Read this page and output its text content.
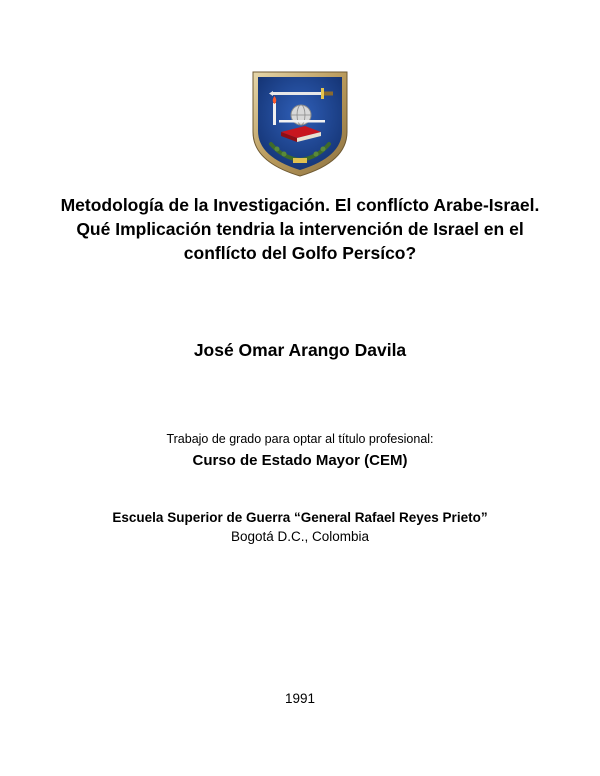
Metodología de la Investigación. El conflícto Arabe-Israel. Qué Implicación tendria la intervención de Israel en el conflícto del Golfo Persíco?
José Omar Arango Davila
Trabajo de grado para optar al título profesional:
Curso de Estado Mayor (CEM)
Escuela Superior de Guerra “General Rafael Reyes Prieto”
Bogotá D.C., Colombia
1991
